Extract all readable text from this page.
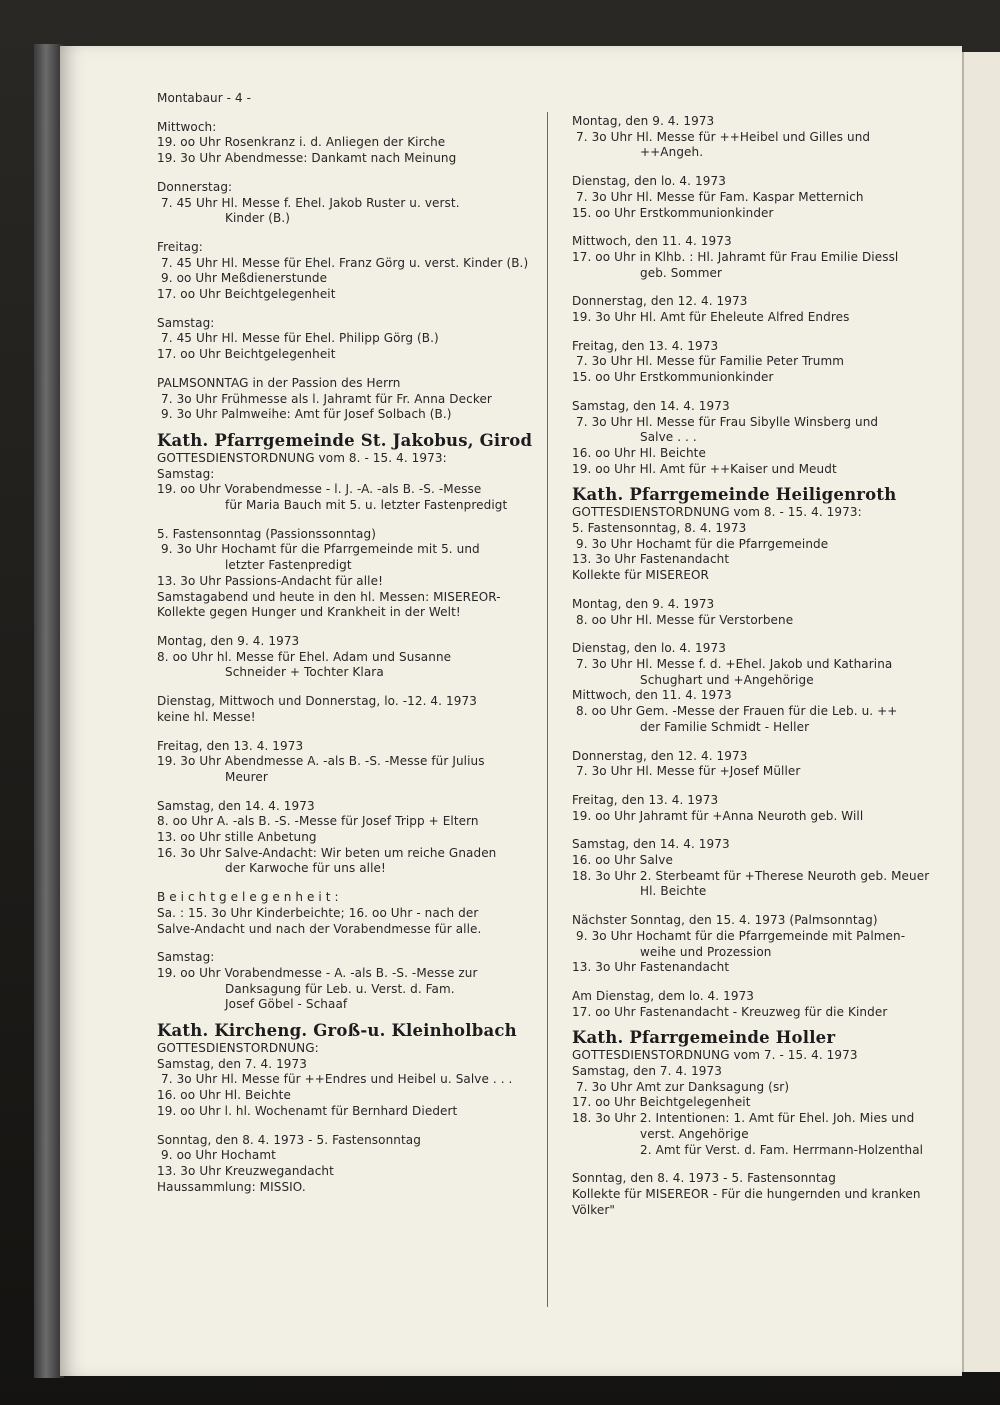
Montabaur - 4 -
Mittwoch:
19. oo Uhr Rosenkranz i. d. Anliegen der Kirche
19. 3o Uhr Abendmesse: Dankamt nach Meinung
Donnerstag:
7. 45 Uhr Hl. Messe f. Ehel. Jakob Ruster u. verst.
Kinder (B.)
Freitag:
7. 45 Uhr Hl. Messe für Ehel. Franz Görg u. verst. Kinder (B.)
9. oo Uhr Meßdienerstunde
17. oo Uhr Beichtgelegenheit
Samstag:
7. 45 Uhr Hl. Messe für Ehel. Philipp Görg (B.)
17. oo Uhr Beichtgelegenheit
PALMSONNTAG in der Passion des Herrn
7. 3o Uhr Frühmesse als l. Jahramt für Fr. Anna Decker
9. 3o Uhr Palmweihe: Amt für Josef Solbach (B.)
Kath. Pfarrgemeinde St. Jakobus, Girod
GOTTESDIENSTORDNUNG vom 8. - 15. 4. 1973:
Samstag:
19. oo Uhr Vorabendmesse - l. J. -A. -als B. -S. -Messe
für Maria Bauch mit 5. u. letzter Fastenpredigt
5. Fastensonntag (Passionssonntag)
9. 3o Uhr Hochamt für die Pfarrgemeinde mit 5. und
letzter Fastenpredigt
13. 3o Uhr Passions-Andacht für alle!
Samstagabend und heute in den hl. Messen: MISEREOR-
Kollekte gegen Hunger und Krankheit in der Welt!
Montag, den 9. 4. 1973
8. oo Uhr hl. Messe für Ehel. Adam und Susanne
Schneider + Tochter Klara
Dienstag, Mittwoch und Donnerstag, lo. -12. 4. 1973
keine hl. Messe!
Freitag, den 13. 4. 1973
19. 3o Uhr Abendmesse A. -als B. -S. -Messe für Julius
Meurer
Samstag, den 14. 4. 1973
8. oo Uhr A. -als B. -S. -Messe für Josef Tripp + Eltern
13. oo Uhr stille Anbetung
16. 3o Uhr Salve-Andacht: Wir beten um reiche Gnaden
der Karwoche für uns alle!
B e i c h t g e l e g e n h e i t :
Sa. : 15. 3o Uhr Kinderbeichte; 16. oo Uhr - nach der
Salve-Andacht und nach der Vorabendmesse für alle.
Samstag:
19. oo Uhr Vorabendmesse - A. -als B. -S. -Messe zur
Danksagung für Leb. u. Verst. d. Fam.
Josef Göbel - Schaaf
Kath. Kircheng. Groß-u. Kleinholbach
GOTTESDIENSTORDNUNG:
Samstag, den 7. 4. 1973
7. 3o Uhr Hl. Messe für ++Endres und Heibel u. Salve . . .
16. oo Uhr Hl. Beichte
19. oo Uhr l. hl. Wochenamt für Bernhard Diedert
Sonntag, den 8. 4. 1973 - 5. Fastensonntag
9. oo Uhr Hochamt
13. 3o Uhr Kreuzwegandacht
Haussammlung: MISSIO.
Montag, den 9. 4. 1973
7. 3o Uhr Hl. Messe für ++Heibel und Gilles und
++Angeh.
Dienstag, den lo. 4. 1973
7. 3o Uhr Hl. Messe für Fam. Kaspar Metternich
15. oo Uhr Erstkommunionkinder
Mittwoch, den 11. 4. 1973
17. oo Uhr in Klhb. : Hl. Jahramt für Frau Emilie Diessl
geb. Sommer
Donnerstag, den 12. 4. 1973
19. 3o Uhr Hl. Amt für Eheleute Alfred Endres
Freitag, den 13. 4. 1973
7. 3o Uhr Hl. Messe für Familie Peter Trumm
15. oo Uhr Erstkommunionkinder
Samstag, den 14. 4. 1973
7. 3o Uhr Hl. Messe für Frau Sibylle Winsberg und
Salve . . .
16. oo Uhr Hl. Beichte
19. oo Uhr Hl. Amt für ++Kaiser und Meudt
Kath. Pfarrgemeinde Heiligenroth
GOTTESDIENSTORDNUNG vom 8. - 15. 4. 1973:
5. Fastensonntag, 8. 4. 1973
9. 3o Uhr Hochamt für die Pfarrgemeinde
13. 3o Uhr Fastenandacht
Kollekte für MISEREOR
Montag, den 9. 4. 1973
8. oo Uhr Hl. Messe für Verstorbene
Dienstag, den lo. 4. 1973
7. 3o Uhr Hl. Messe f. d. +Ehel. Jakob und Katharina
Schughart und +Angehörige
Mittwoch, den 11. 4. 1973
8. oo Uhr Gem. -Messe der Frauen für die Leb. u. ++
der Familie Schmidt - Heller
Donnerstag, den 12. 4. 1973
7. 3o Uhr Hl. Messe für +Josef Müller
Freitag, den 13. 4. 1973
19. oo Uhr Jahramt für +Anna Neuroth geb. Will
Samstag, den 14. 4. 1973
16. oo Uhr Salve
18. 3o Uhr 2. Sterbeamt für +Therese Neuroth geb. Meuer
Hl. Beichte
Nächster Sonntag, den 15. 4. 1973 (Palmsonntag)
9. 3o Uhr Hochamt für die Pfarrgemeinde mit Palmen-
weihe und Prozession
13. 3o Uhr Fastenandacht
Am Dienstag, dem lo. 4. 1973
17. oo Uhr Fastenandacht - Kreuzweg für die Kinder
Kath. Pfarrgemeinde Holler
GOTTESDIENSTORDNUNG vom 7. - 15. 4. 1973
Samstag, den 7. 4. 1973
7. 3o Uhr Amt zur Danksagung (sr)
17. oo Uhr Beichtgelegenheit
18. 3o Uhr 2. Intentionen: 1. Amt für Ehel. Joh. Mies und
verst. Angehörige
2. Amt für Verst. d. Fam. Herrmann-Holzenthal
Sonntag, den 8. 4. 1973 - 5. Fastensonntag
Kollekte für MISEREOR - Für die hungernden und kranken
Völker"
